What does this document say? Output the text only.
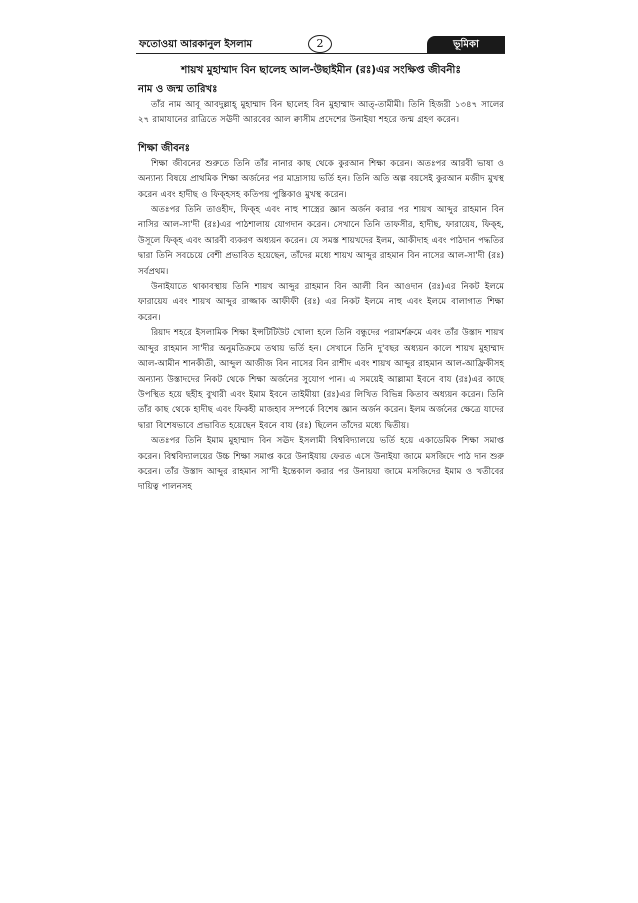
ফতোওয়া আরকানুল ইসলাম	2	ভূমিকা
শায়খ মুহাম্মাদ বিন ছালেহ আল-উছাইমীন (রঃ)এর সংক্ষিপ্ত জীবনীঃ
নাম ও জন্ম তারিখঃ

তাঁর নাম আবূ আবদুল্লাহ্ মুহাম্মাদ বিন ছালেহ বিন মুহাম্মাদ আত্-তামীমী। তিনি হিজরী ১৩৪৭ সালের ২৭ রামাযানের রাত্রিতে সঊদী আরবের আল ক্বাসীম প্রদেশের উনাইযা শহরে জন্ম গ্রহণ করেন।

শিক্ষা জীবনঃ

শিক্ষা জীবনের শুরুতে তিনি তাঁর নানার কাছ থেকে কুরআন শিক্ষা করেন। অতঃপর আরবী ভাষা ও অন্যান্য বিষয়ে প্রাথমিক শিক্ষা অর্জনের পর মাদ্রাসায় ভর্তি হন। তিনি অতি অল্প বয়সেই কুরআন মজীদ মুখস্থ করেন এবং হাদীছ ও ফিক্হসহ কতিপয় পুস্তিকাও মুখস্থ করেন।

অতঃপর তিনি তাওহীদ, ফিক্হ এবং নাহু শাস্ত্রের জ্ঞান অর্জন করার পর শায়খ আব্দুর রাহমান বিন নাসির আল-সা'দী (রঃ)এর পাঠশালায় যোগদান করেন। সেখানে তিনি তাফসীর, হাদীছ, ফারায়েয, ফিক্হ, উসূলে ফিক্হ এবং আরবী ব্যকরণ অধ্যয়ন করেন। যে সমস্ত শায়খদের ইলম, আকীদাহ এবং পাঠদান পদ্ধতির দ্বারা তিনি সবচেয়ে বেশী প্রভাবিত হয়েছেন, তাঁদের মধ্যে শায়খ আব্দুর রাহমান বিন নাসের আল-সা'দী (রঃ) সর্বপ্রথম।

উনাইযাতে থাকাবস্থায় তিনি শায়খ আব্দুর রাহমান বিন আলী বিন আওদান (রঃ)এর নিকট ইলমে ফারায়েয এবং শায়খ আব্দুর রাজ্জাক আফীফী (রঃ) এর নিকট ইলমে নাহু এবং ইলমে বালাগাত শিক্ষা করেন।

রিয়াদ শহরে ইসলামিক শিক্ষা ইন্সটিটিউট খোলা হলে তিনি বন্ধুদের পরামর্শক্রমে এবং তাঁর উস্তাদ শায়খ আব্দুর রাহমান সা'দীর অনুমতিক্রমে তথায় ভর্তি হন। সেখানে তিনি দু'বছর অধ্যয়ন কালে শায়খ মুহাম্মাদ আল-আমীন শানকীতী, আব্দুল আজীজ বিন নাসের বিন রাশীদ এবং শায়খ আব্দুর রাহমান আল-আফ্রিকীসহ অন্যান্য উস্তাদদের নিকট থেকে শিক্ষা অর্জনের সুযোগ পান। এ সময়েই আল্লামা ইবনে বায (রঃ)এর কাছে উপস্থিত হয়ে ছহীহ বুখারী এবং ইমাম ইবনে তাইমীয়া (রঃ)এর লিখিত বিভিন্ন কিতাব অধ্যয়ন করেন। তিনি তাঁর কাছ থেকে হাদীছ এবং ফিকহী মাজহাব সম্পর্কে বিশেষ জ্ঞান অর্জন করেন। ইলম অর্জনের ক্ষেত্রে যাদের দ্বারা বিশেষভাবে প্রভাবিত হয়েছেন ইবনে বায (রঃ) ছিলেন তাঁদের মধ্যে দ্বিতীয়।

অতঃপর তিনি ইমাম মুহাম্মাদ বিন সঊদ ইসলামী বিশ্ববিদ্যালয়ে ভর্তি হয়ে একাডেমিক শিক্ষা সমাপ্ত করেন। বিশ্ববিদ্যালয়ের উচ্চ শিক্ষা সমাপ্ত করে উনাইযায় ফেরত এসে উনাইযা জামে মসজিদে পাঠ দান শুরু করেন। তাঁর উস্তাদ আব্দুর রাহমান সা'দী ইন্তেকাল করার পর উনায়যা জামে মসজিদের ইমাম ও খতীবের দায়িত্ব পালনসহ
